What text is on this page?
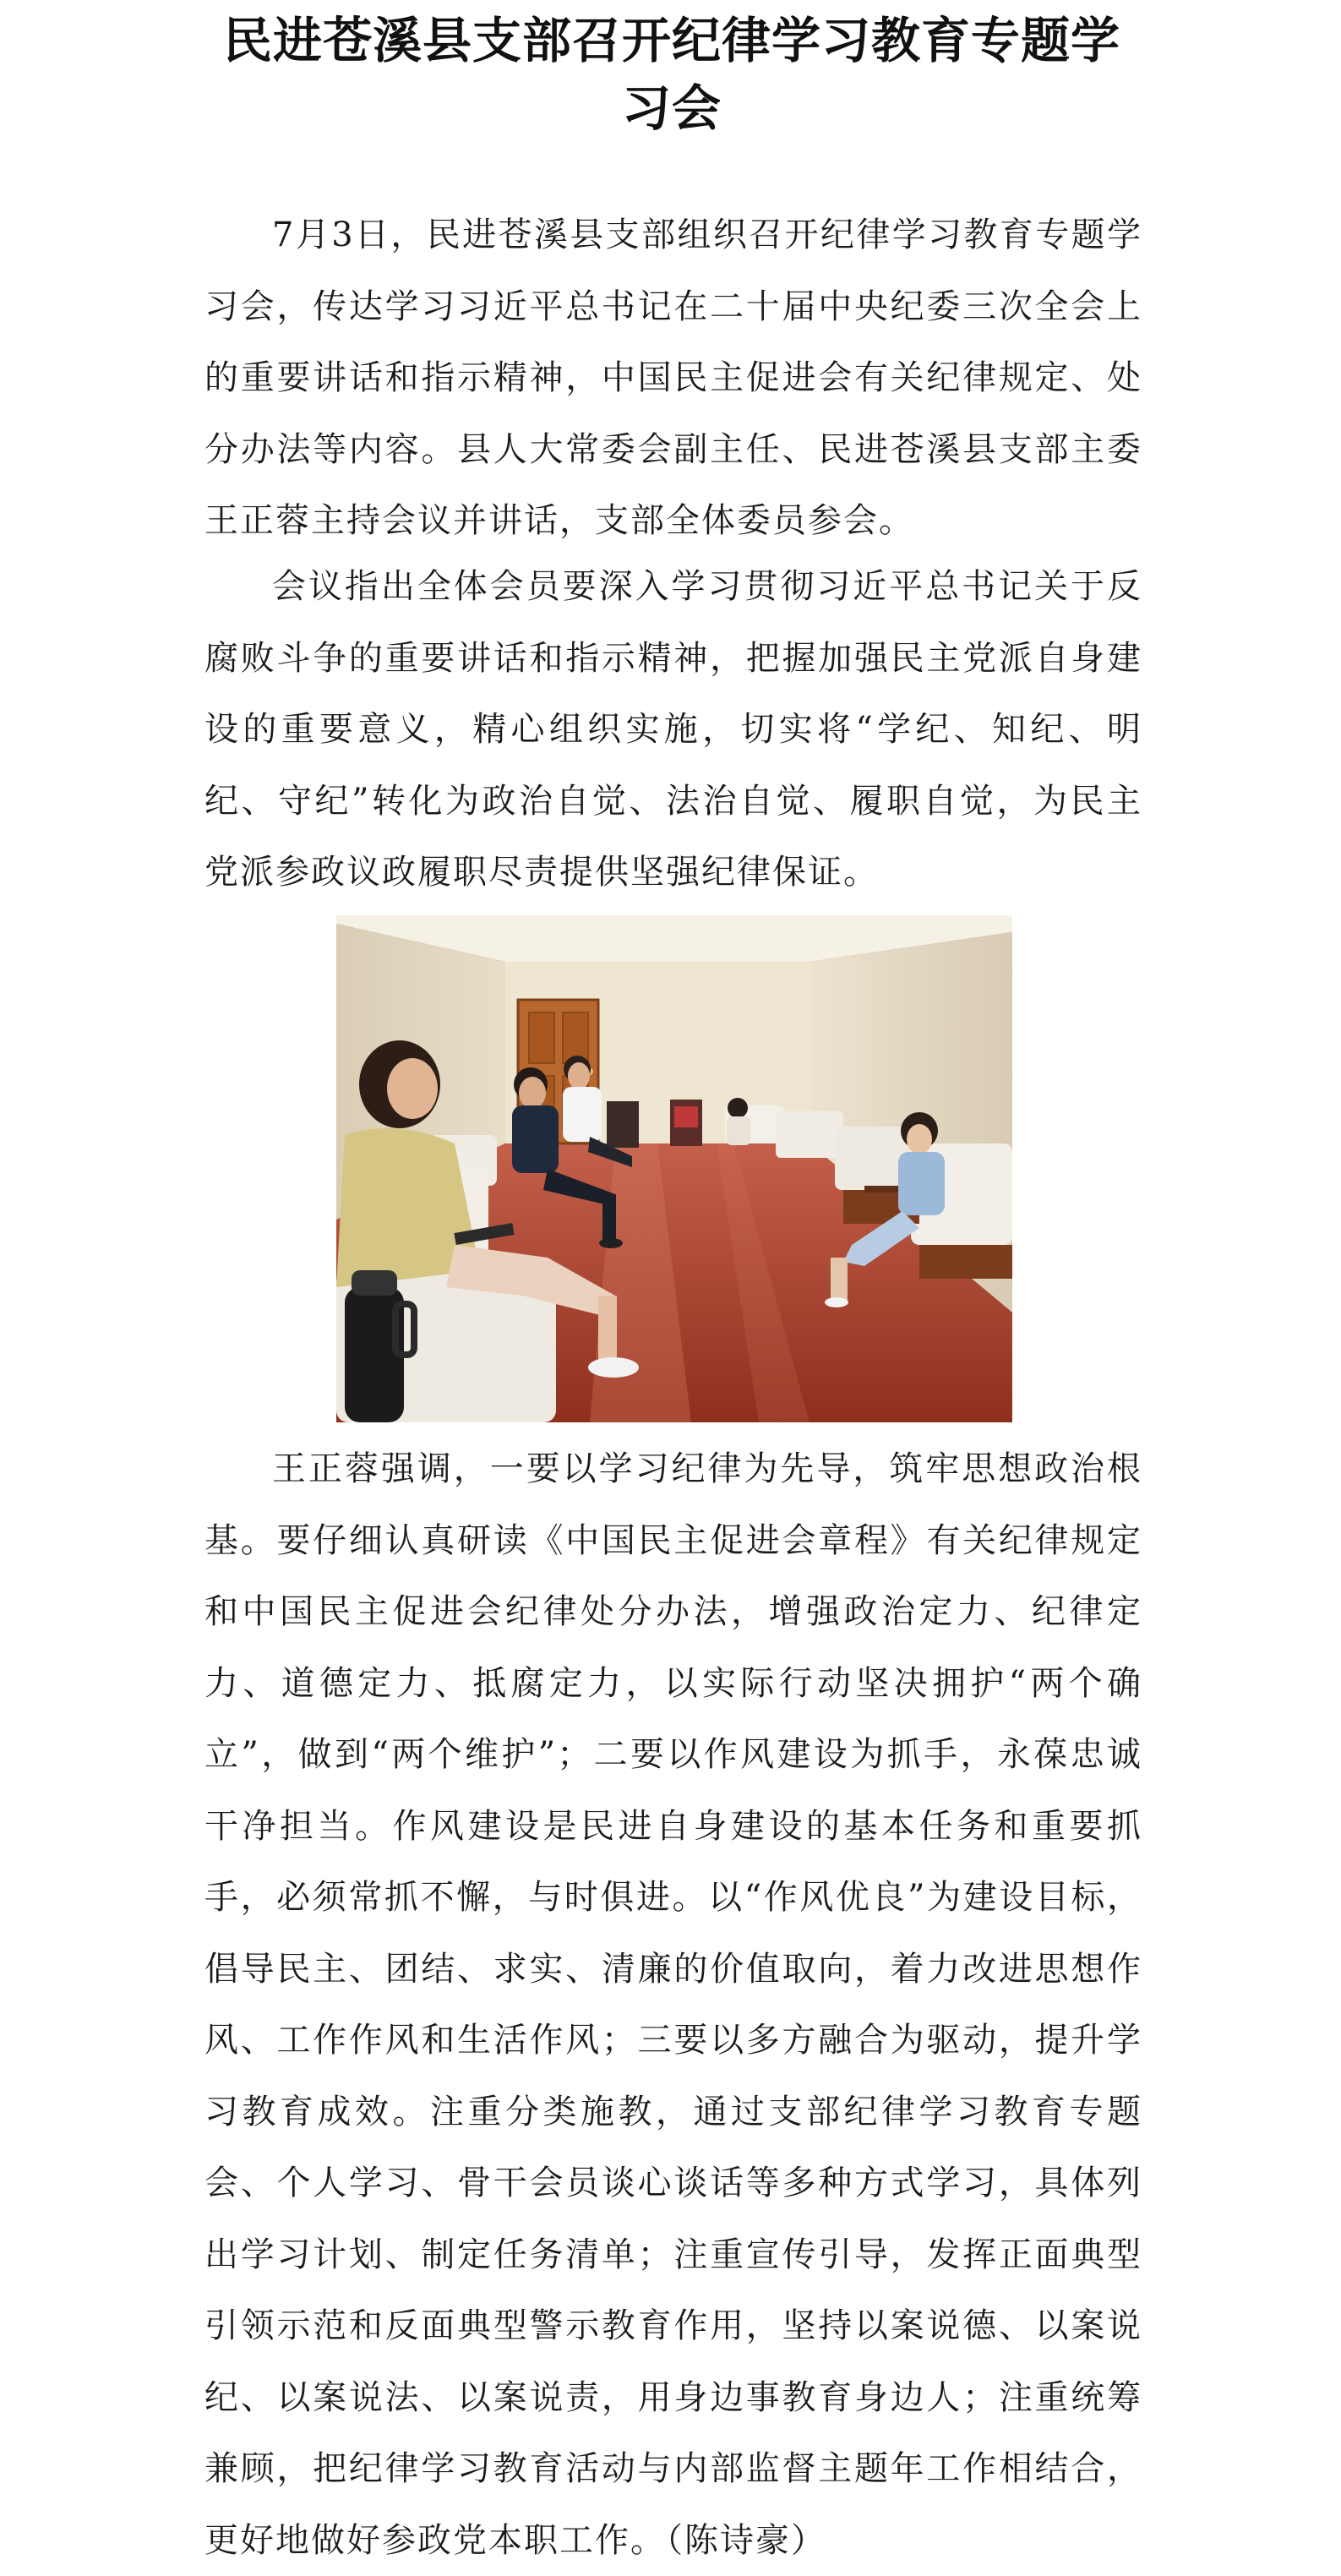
民进苍溪县支部召开纪律学习教育专题学习会

7月3日，民进苍溪县支部组织召开纪律学习教育专题学习会，传达学习习近平总书记在二十届中央纪委三次全会上的重要讲话和指示精神，中国民主促进会有关纪律规定、处分办法等内容。县人大常委会副主任、民进苍溪县支部主委王正蓉主持会议并讲话，支部全体委员参会。

会议指出全体会员要深入学习贯彻习近平总书记关于反腐败斗争的重要讲话和指示精神，把握加强民主党派自身建设的重要意义，精心组织实施，切实将“学纪、知纪、明纪、守纪”转化为政治自觉、法治自觉、履职自觉，为民主党派参政议政履职尽责提供坚强纪律保证。

王正蓉强调，一要以学习纪律为先导，筑牢思想政治根基。要仔细认真研读《中国民主促进会章程》有关纪律规定和中国民主促进会纪律处分办法，增强政治定力、纪律定力、道德定力、抵腐定力，以实际行动坚决拥护“两个确立”，做到“两个维护”；二要以作风建设为抓手，永葆忠诚干净担当。作风建设是民进自身建设的基本任务和重要抓手，必须常抓不懈，与时俱进。以“作风优良”为建设目标，倡导民主、团结、求实、清廉的价值取向，着力改进思想作风、工作作风和生活作风；三要以多方融合为驱动，提升学习教育成效。注重分类施教，通过支部纪律学习教育专题会、个人学习、骨干会员谈心谈话等多种方式学习，具体列出学习计划、制定任务清单；注重宣传引导，发挥正面典型引领示范和反面典型警示教育作用，坚持以案说德、以案说纪、以案说法、以案说责，用身边事教育身边人；注重统筹兼顾，把纪律学习教育活动与内部监督主题年工作相结合，更好地做好参政党本职工作。（陈诗豪）
